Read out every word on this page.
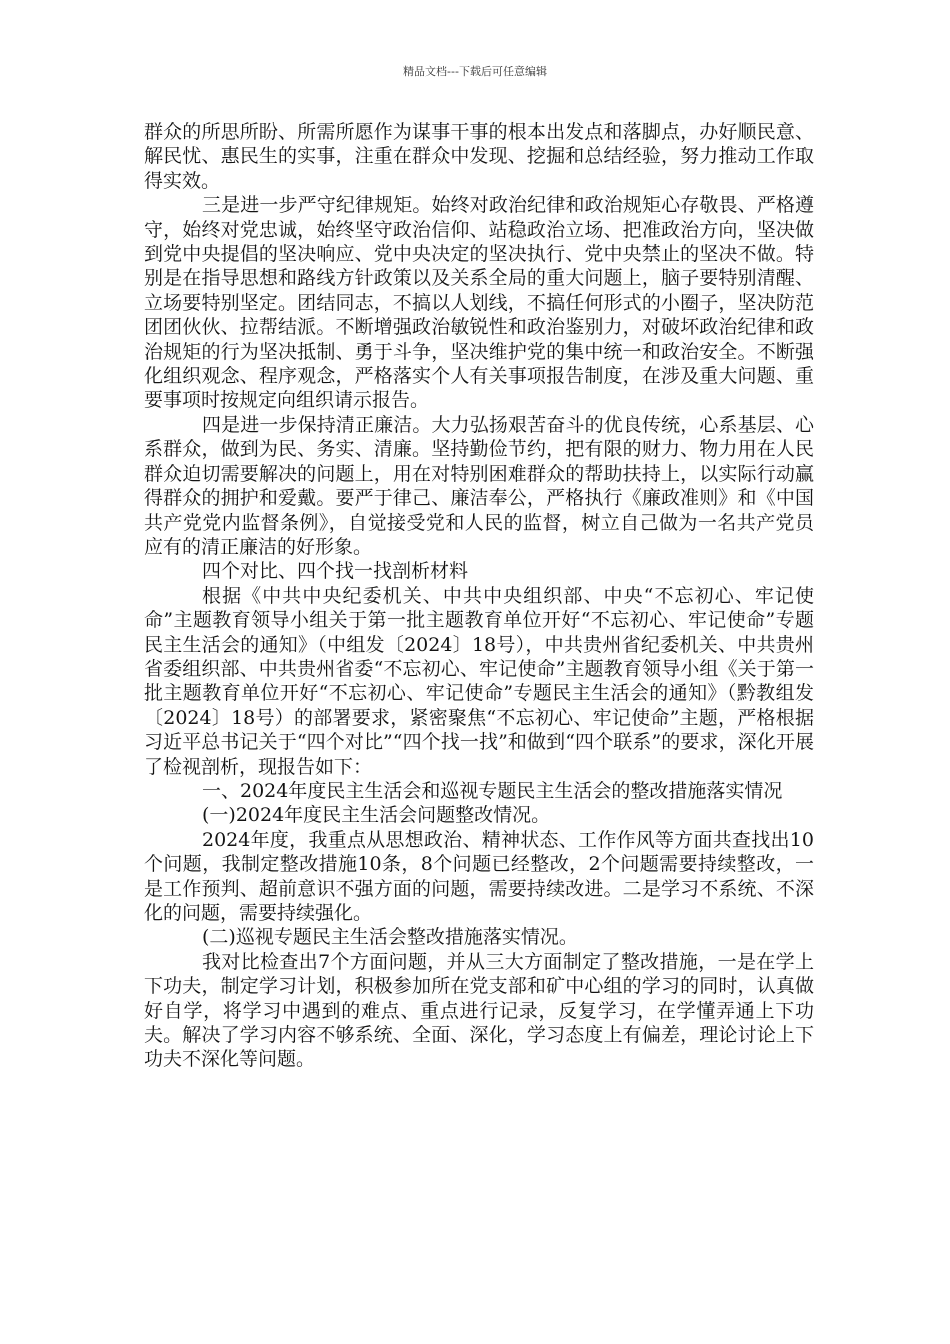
精品文档---下载后可任意编辑

群众的所思所盼、所需所愿作为谋事干事的根本出发点和落脚点，办好顺民意、解民忧、惠民生的实事，注重在群众中发现、挖掘和总结经验，努力推动工作取得实效。

三是进一步严守纪律规矩。始终对政治纪律和政治规矩心存敬畏、严格遵守，始终对党忠诚，始终坚守政治信仰、站稳政治立场、把准政治方向，坚决做到党中央提倡的坚决响应、党中央决定的坚决执行、党中央禁止的坚决不做。特别是在指导思想和路线方针政策以及关系全局的重大问题上，脑子要特别清醒、立场要特别坚定。团结同志，不搞以人划线，不搞任何形式的小圈子，坚决防范团团伙伙、拉帮结派。不断增强政治敏锐性和政治鉴别力，对破坏政治纪律和政治规矩的行为坚决抵制、勇于斗争，坚决维护党的集中统一和政治安全。不断强化组织观念、程序观念，严格落实个人有关事项报告制度，在涉及重大问题、重要事项时按规定向组织请示报告。

四是进一步保持清正廉洁。大力弘扬艰苦奋斗的优良传统，心系基层、心系群众，做到为民、务实、清廉。坚持勤俭节约，把有限的财力、物力用在人民群众迫切需要解决的问题上，用在对特别困难群众的帮助扶持上，以实际行动赢得群众的拥护和爱戴。要严于律己、廉洁奉公，严格执行《廉政准则》和《中国共产党党内监督条例》，自觉接受党和人民的监督，树立自己做为一名共产党员应有的清正廉洁的好形象。

四个对比、四个找一找剖析材料

根据《中共中央纪委机关、中共中央组织部、中央“不忘初心、牢记使命”主题教育领导小组关于第一批主题教育单位开好“不忘初心、牢记使命”专题民主生活会的通知》（中组发〔2024〕18号），中共贵州省纪委机关、中共贵州省委组织部、中共贵州省委“不忘初心、牢记使命”主题教育领导小组《关于第一批主题教育单位开好“不忘初心、牢记使命”专题民主生活会的通知》（黔教组发〔2024〕18号）的部署要求，紧密聚焦“不忘初心、牢记使命”主题，严格根据习近平总书记关于“四个对比”“四个找一找”和做到“四个联系”的要求，深化开展了检视剖析，现报告如下：

一、2024年度民主生活会和巡视专题民主生活会的整改措施落实情况

(一)2024年度民主生活会问题整改情况。

2024年度，我重点从思想政治、精神状态、工作作风等方面共查找出10个问题，我制定整改措施10条，8个问题已经整改，2个问题需要持续整改，一是工作预判、超前意识不强方面的问题，需要持续改进。二是学习不系统、不深化的问题，需要持续强化。

(二)巡视专题民主生活会整改措施落实情况。

我对比检查出7个方面问题，并从三大方面制定了整改措施，一是在学上下功夫，制定学习计划，积极参加所在党支部和矿中心组的学习的同时，认真做好自学，将学习中遇到的难点、重点进行记录，反复学习，在学懂弄通上下功夫。解决了学习内容不够系统、全面、深化，学习态度上有偏差，理论讨论上下功夫不深化等问题。
